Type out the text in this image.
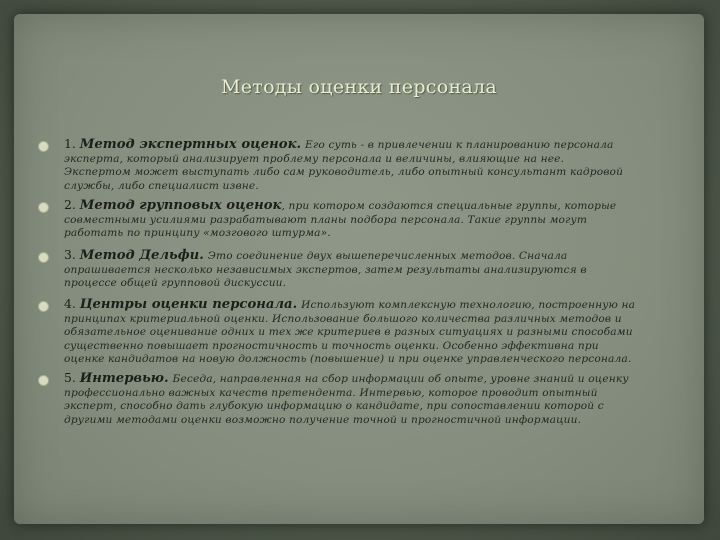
Методы оценки персонала
1. Метод экспертных оценок. Его суть - в привлечении к планированию персонала
эксперта, который анализирует проблему персонала и величины, влияющие на нее.
Экспертом может выступать либо сам руководитель, либо опытный консультант кадровой
службы, либо специалист извне.
2. Метод групповых оценок, при котором создаются специальные группы, которые
совместными усилиями разрабатывают планы подбора персонала. Такие группы могут
работать по принципу «мозгового штурма».
3. Метод Дельфи. Это соединение двух вышеперечисленных методов. Сначала
опрашивается несколько независимых экспертов, затем результаты анализируются в
процессе общей групповой дискуссии.
4. Центры оценки персонала. Используют комплексную технологию, построенную на
принципах критериальной оценки. Использование большого количества различных методов и
обязательное оценивание одних и тех же критериев в разных ситуациях и разными способами
существенно повышает прогностичность и точность оценки. Особенно эффективна при
оценке кандидатов на новую должность (повышение) и при оценке управленческого персонала.
5. Интервью. Беседа, направленная на сбор информации об опыте, уровне знаний и оценку
профессионально важных качеств претендента. Интервью, которое проводит опытный
эксперт, способно дать глубокую информацию о кандидате, при сопоставлении которой с
другими методами оценки возможно получение точной и прогностичной информации.
